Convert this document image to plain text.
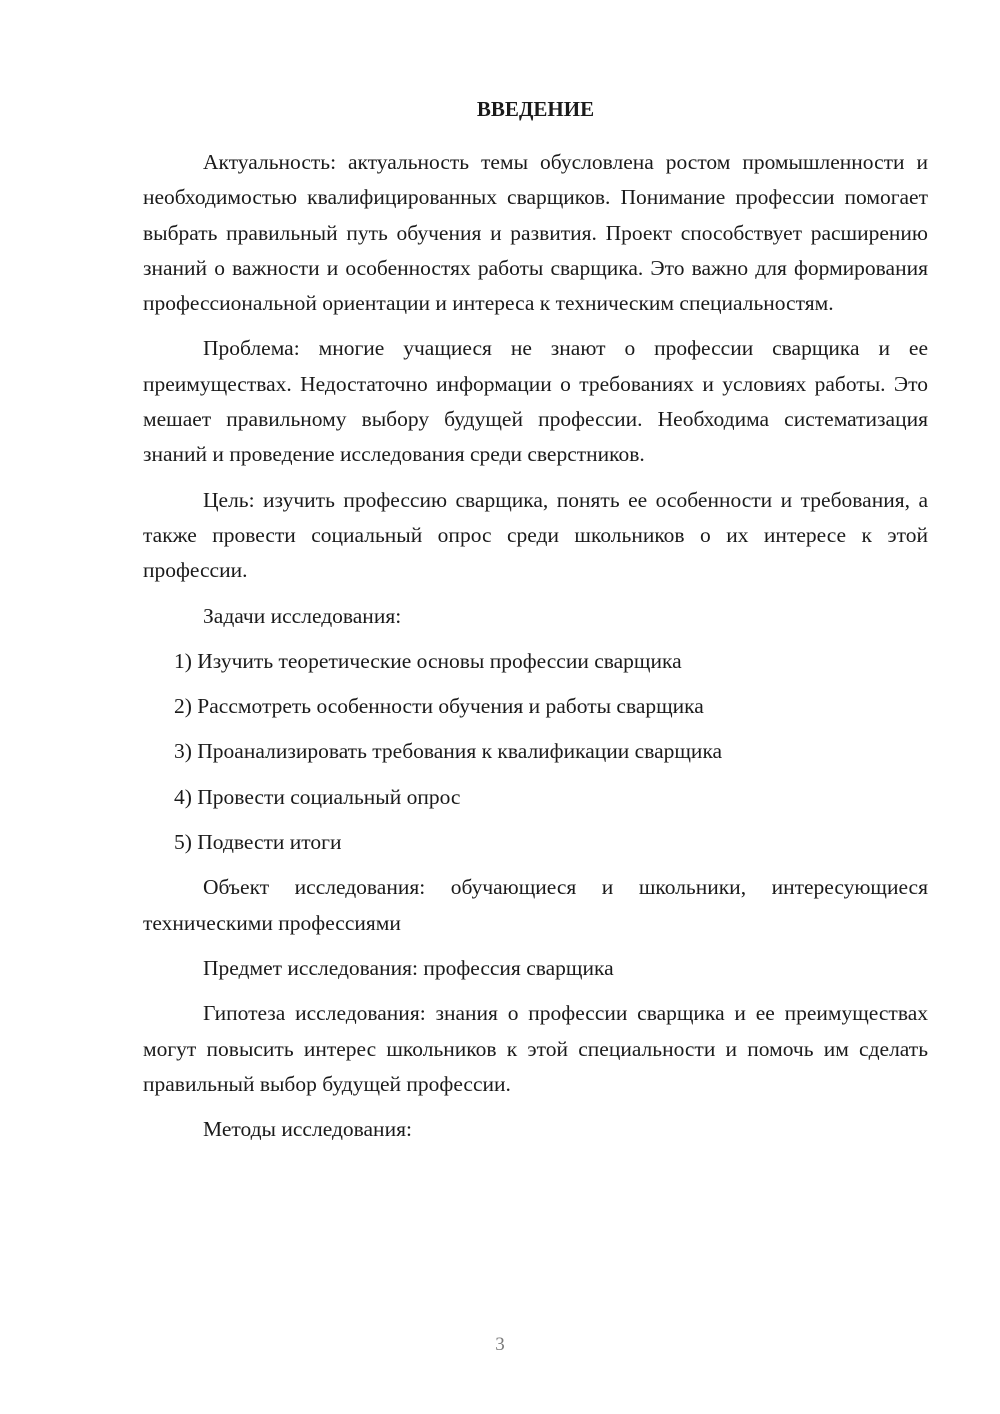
ВВЕДЕНИЕ

Актуальность: актуальность темы обусловлена ростом промышленности и необходимостью квалифицированных сварщиков. Понимание профессии помогает выбрать правильный путь обучения и развития. Проект способствует расширению знаний о важности и особенностях работы сварщика. Это важно для формирования профессиональной ориентации и интереса к техническим специальностям.

Проблема: многие учащиеся не знают о профессии сварщика и ее преимуществах. Недостаточно информации о требованиях и условиях работы. Это мешает правильному выбору будущей профессии. Необходима систематизация знаний и проведение исследования среди сверстников.

Цель: изучить профессию сварщика, понять ее особенности и требования, а также провести социальный опрос среди школьников о их интересе к этой профессии.

Задачи исследования:

1) Изучить теоретические основы профессии сварщика
2) Рассмотреть особенности обучения и работы сварщика
3) Проанализировать требования к квалификации сварщика
4) Провести социальный опрос
5) Подвести итоги

Объект исследования: обучающиеся и школьники, интересующиеся техническими профессиями

Предмет исследования: профессия сварщика

Гипотеза исследования: знания о профессии сварщика и ее преимуществах могут повысить интерес школьников к этой специальности и помочь им сделать правильный выбор будущей профессии.

Методы исследования:

3
